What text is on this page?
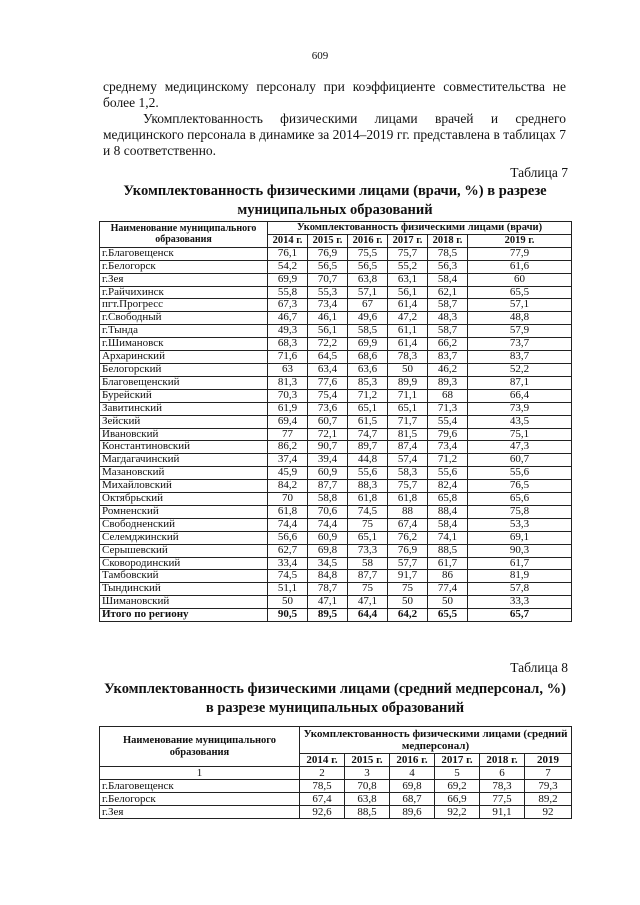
609

среднему медицинскому персоналу при коэффициенте совместительства не более 1,2.

Укомплектованность физическими лицами врачей и среднего медицинского персонала в динамике за 2014–2019 гг. представлена в таблицах 7 и 8 соответственно.

Таблица 7
Укомплектованность физическими лицами (врачи, %) в разрезе муниципальных образований
Наименование муниципального образования	Укомплектованность физическими лицами (врачи)					
	2014 г.	2015 г.	2016 г.	2017 г.	2018 г.	2019 г.
г.Благовещенск	76,1	76,9	75,5	75,7	78,5	77,9
г.Белогорск	54,2	56,5	56,5	55,2	56,3	61,6
г.Зея	69,9	70,7	63,8	63,1	58,4	60
г.Райчихинск	55,8	55,3	57,1	56,1	62,1	65,5
пгт.Прогресс	67,3	73,4	67	61,4	58,7	57,1
г.Свободный	46,7	46,1	49,6	47,2	48,3	48,8
г.Тында	49,3	56,1	58,5	61,1	58,7	57,9
г.Шимановск	68,3	72,2	69,9	61,4	66,2	73,7
Архаринский	71,6	64,5	68,6	78,3	83,7	83,7
Белогорский	63	63,4	63,6	50	46,2	52,2
Благовещенский	81,3	77,6	85,3	89,9	89,3	87,1
Бурейский	70,3	75,4	71,2	71,1	68	66,4
Завитинский	61,9	73,6	65,1	65,1	71,3	73,9
Зейский	69,4	60,7	61,5	71,7	55,4	43,5
Ивановский	77	72,1	74,7	81,5	79,6	75,1
Константиновский	86,2	90,7	89,7	87,4	73,4	47,3
Магдагачинский	37,4	39,4	44,8	57,4	71,2	60,7
Мазановский	45,9	60,9	55,6	58,3	55,6	55,6
Михайловский	84,2	87,7	88,3	75,7	82,4	76,5
Октябрьский	70	58,8	61,8	61,8	65,8	65,6
Ромненский	61,8	70,6	74,5	88	88,4	75,8
Свободненский	74,4	74,4	75	67,4	58,4	53,3
Селемджинский	56,6	60,9	65,1	76,2	74,1	69,1
Серышевский	62,7	69,8	73,3	76,9	88,5	90,3
Сковородинский	33,4	34,5	58	57,7	61,7	61,7
Тамбовский	74,5	84,8	87,7	91,7	86	81,9
Тындинский	51,1	78,7	75	75	77,4	57,8
Шимановский	50	47,1	47,1	50	50	33,3
Итого по региону	90,5	89,5	64,4	64,2	65,5	65,7
Таблица 8
Укомплектованность физическими лицами (средний медперсонал, %) в разрезе муниципальных образований
Наименование муниципального образования	Укомплектованность физическими лицами (средний медперсонал)					
	2014 г.	2015 г.	2016 г.	2017 г.	2018 г.	2019
1	2	3	4	5	6	7
г.Благовещенск	78,5	70,8	69,8	69,2	78,3	79,3
г.Белогорск	67,4	63,8	68,7	66,9	77,5	89,2
г.Зея	92,6	88,5	89,6	92,2	91,1	92
